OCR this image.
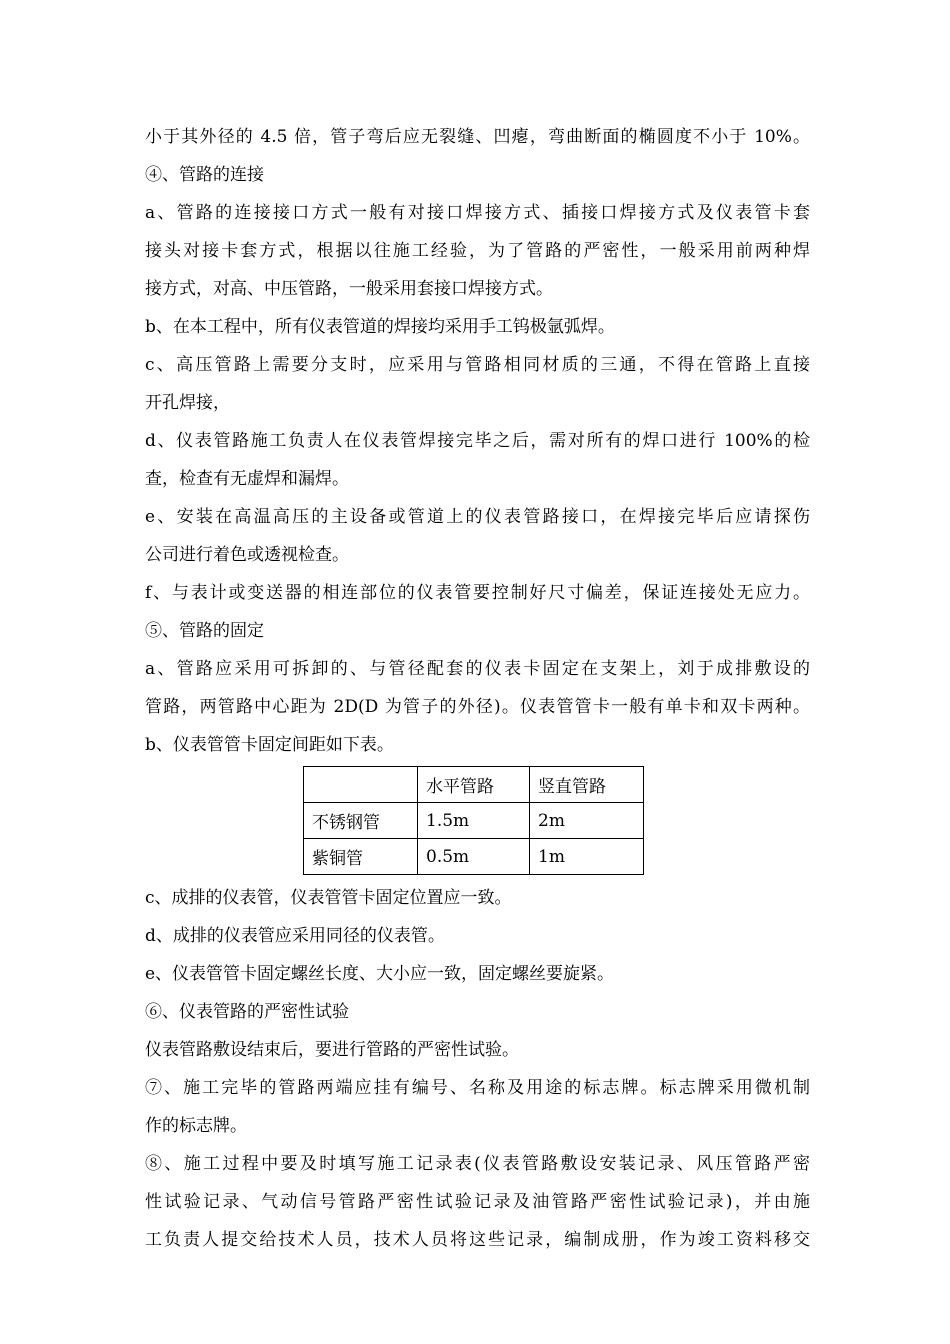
小于其外径的 4.5 倍，管子弯后应无裂缝、凹瘪，弯曲断面的椭圆度不小于 10%。
④、管路的连接
a、管路的连接接口方式一般有对接口焊接方式、插接口焊接方式及仪表管卡套
接头对接卡套方式，根据以往施工经验，为了管路的严密性，一般采用前两种焊
接方式，对高、中压管路，一般采用套接口焊接方式。
b、在本工程中，所有仪表管道的焊接均采用手工钨极氩弧焊。
c、高压管路上需要分支时，应采用与管路相同材质的三通，不得在管路上直接
开孔焊接，
d、仪表管路施工负责人在仪表管焊接完毕之后，需对所有的焊口进行 100%的检
查，检查有无虚焊和漏焊。
e、安装在高温高压的主设备或管道上的仪表管路接口，在焊接完毕后应请探伤
公司进行着色或透视检查。
f、与表计或变送器的相连部位的仪表管要控制好尺寸偏差，保证连接处无应力。
⑤、管路的固定
a、管路应采用可拆卸的、与管径配套的仪表卡固定在支架上，刘于成排敷设的
管路，两管路中心距为 2D(D 为管子的外径)。仪表管管卡一般有单卡和双卡两种。
b、仪表管管卡固定间距如下表。
	水平管路	竖直管路
不锈钢管	1.5m	2m
紫铜管	0.5m	1m
c、成排的仪表管，仪表管管卡固定位置应一致。
d、成排的仪表管应采用同径的仪表管。
e、仪表管管卡固定螺丝长度、大小应一致，固定螺丝要旋紧。
⑥、仪表管路的严密性试验
仪表管路敷设结束后，要进行管路的严密性试验。
⑦、施工完毕的管路两端应挂有编号、名称及用途的标志牌。标志牌采用微机制
作的标志牌。
⑧、施工过程中要及时填写施工记录表(仪表管路敷设安装记录、风压管路严密
性试验记录、气动信号管路严密性试验记录及油管路严密性试验记录)，并由施
工负责人提交给技术人员，技术人员将这些记录，编制成册，作为竣工资料移交
